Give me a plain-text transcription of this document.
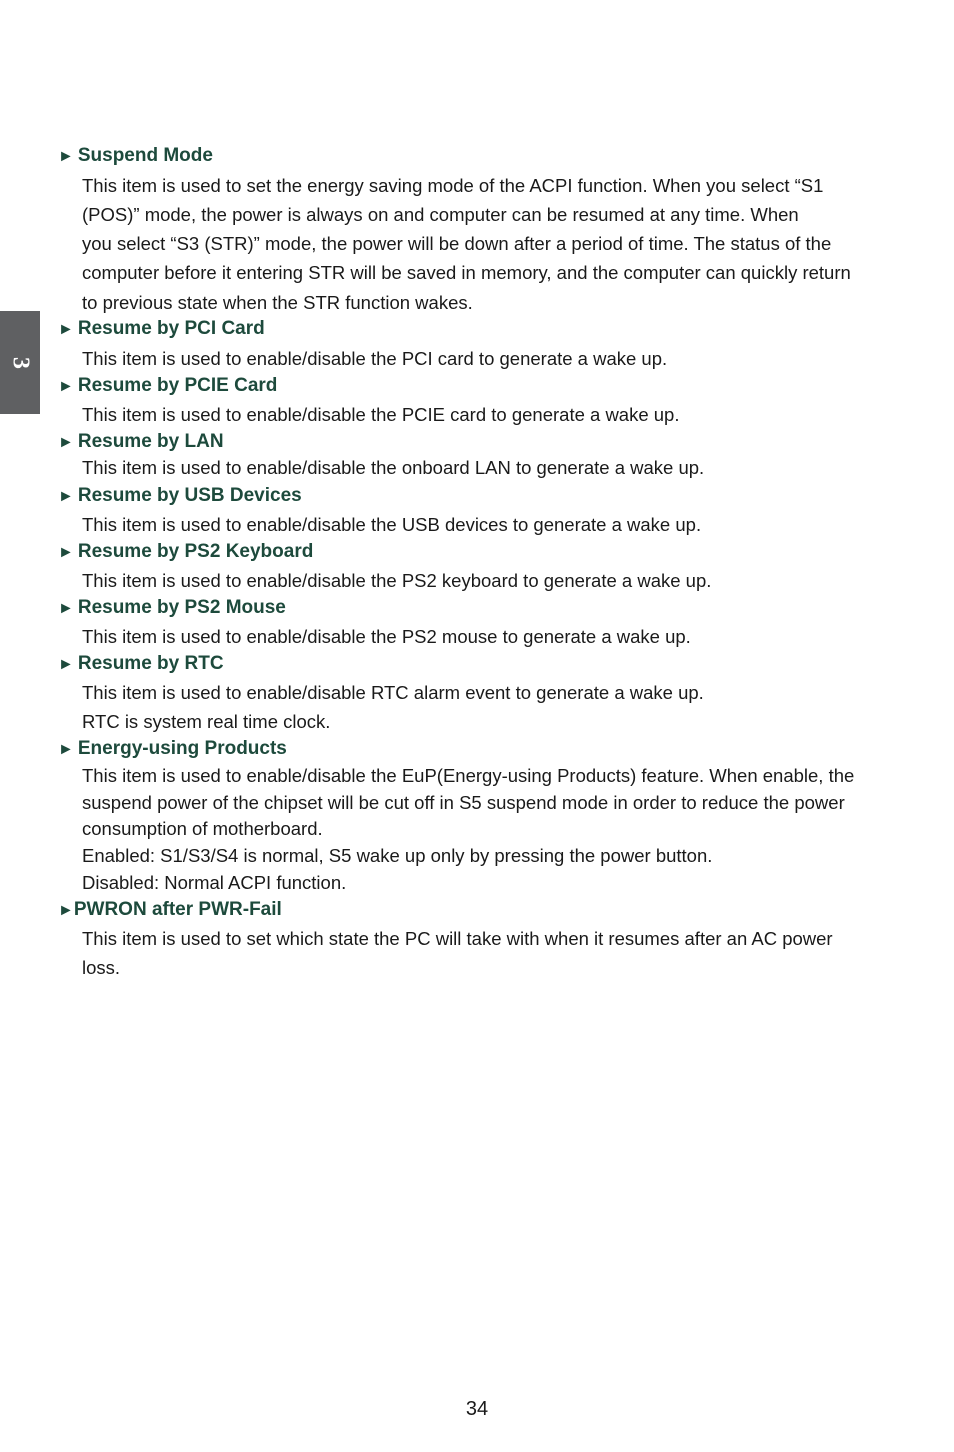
3
► Suspend Mode
This item is used to set the energy saving mode of the ACPI function. When you select “S1
(POS)” mode, the power is always on and computer can be resumed at any time. When
you select “S3 (STR)” mode, the power will be down after a period of time. The status of the
computer before it entering STR will be saved in memory, and the computer can quickly return
to previous state when the STR function wakes.
► Resume by PCI Card
This item is used to enable/disable the PCI card to generate a wake up.
► Resume by PCIE Card
This item is used to enable/disable the PCIE card to generate a wake up.
► Resume by LAN
This item is used to enable/disable the onboard LAN to generate a wake up.
► Resume by USB Devices
This item is used to enable/disable the USB devices to generate a wake up.
► Resume by PS2 Keyboard
This item is used to enable/disable the PS2 keyboard to generate a wake up.
► Resume by PS2 Mouse
This item is used to enable/disable the PS2 mouse to generate a wake up.
► Resume by RTC
This item is used to enable/disable RTC alarm event to generate a wake up.
RTC is system real time clock.
► Energy-using Products
This item is used to enable/disable the EuP(Energy-using Products) feature. When enable, the
suspend power of the chipset will be cut off in S5 suspend mode in order to reduce the power
consumption of motherboard.
Enabled: S1/S3/S4 is normal, S5 wake up only by pressing the power button.
Disabled: Normal ACPI function.
►PWRON after PWR-Fail
This item is used to set which state the PC will take with when it resumes after an AC power
loss.
34
